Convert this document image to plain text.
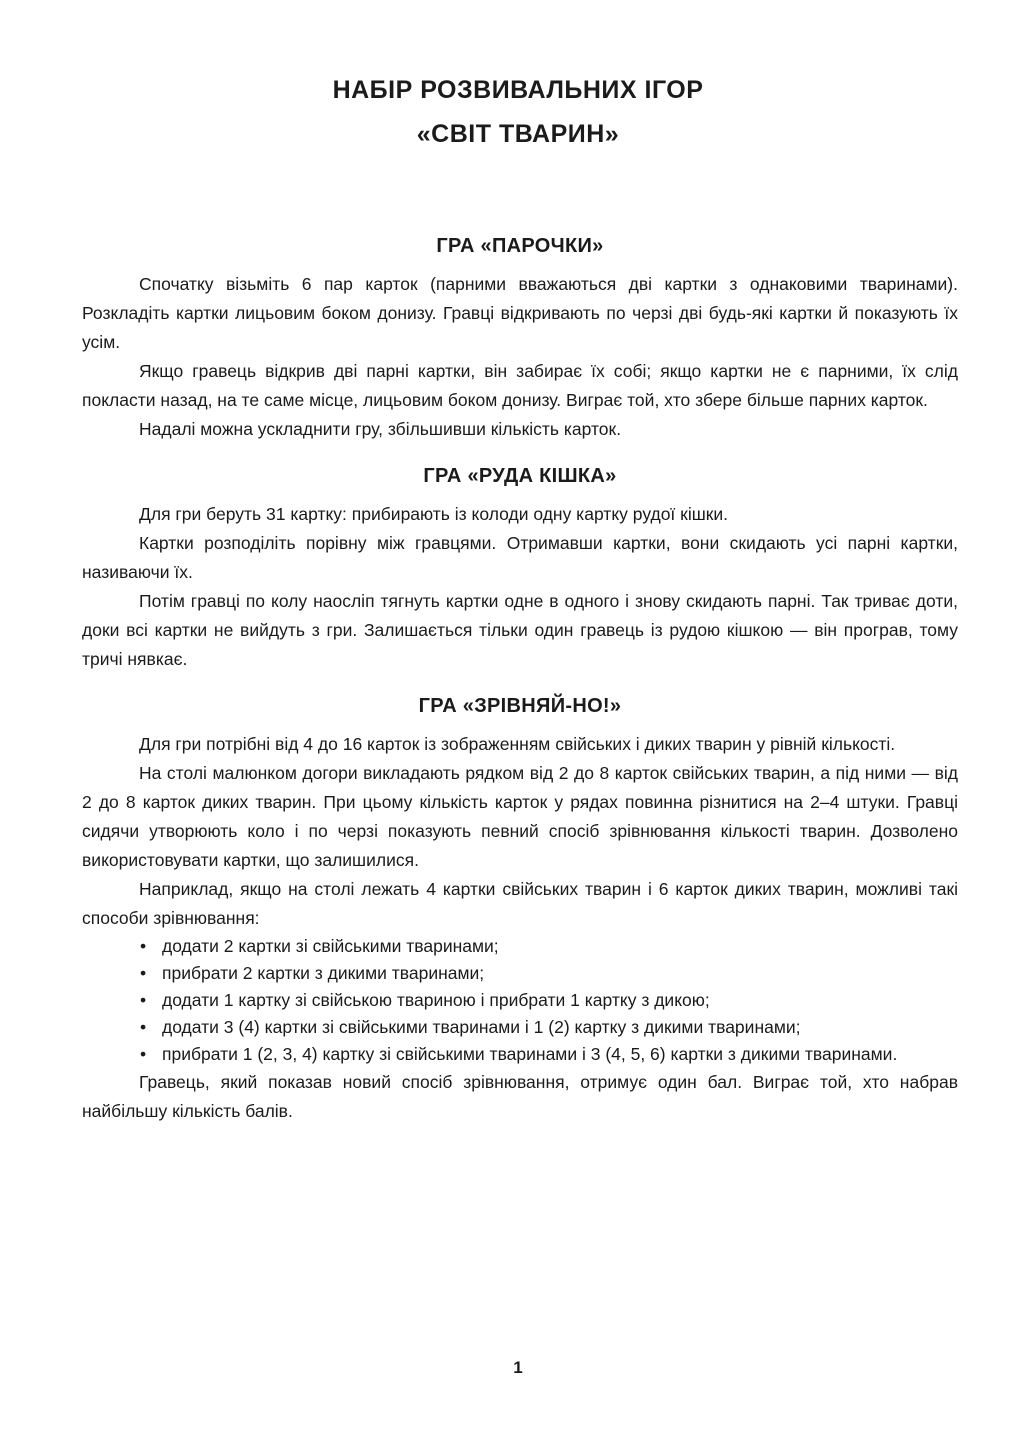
НАБІР РОЗВИВАЛЬНИХ ІГОР
«СВІТ ТВАРИН»
ГРА «ПАРОЧКИ»

Спочатку візьміть 6 пар карток (парними вважаються дві картки з однаковими тваринами). Розкладіть картки лицьовим боком донизу. Гравці відкривають по черзі дві будь-які картки й показують їх усім.

Якщо гравець відкрив дві парні картки, він забирає їх собі; якщо картки не є парними, їх слід покласти назад, на те саме місце, лицьовим боком донизу. Виграє той, хто збере більше парних карток.

Надалі можна ускладнити гру, збільшивши кількість карток.

ГРА «РУДА КІШКА»

Для гри беруть 31 картку: прибирають із колоди одну картку рудої кішки.

Картки розподіліть порівну між гравцями. Отримавши картки, вони скидають усі парні картки, називаючи їх.

Потім гравці по колу наосліп тягнуть картки одне в одного і знову скидають парні. Так триває доти, доки всі картки не вийдуть з гри. Залишається тільки один гравець із рудою кішкою — він програв, тому тричі нявкає.

ГРА «ЗРІВНЯЙ-НО!»

Для гри потрібні від 4 до 16 карток із зображенням свійських і диких тварин у рівній кількості.

На столі малюнком догори викладають рядком від 2 до 8 карток свійських тварин, а під ними — від 2 до 8 карток диких тварин. При цьому кількість карток у рядах повинна різнитися на 2–4 штуки. Гравці сидячи утворюють коло і по черзі показують певний спосіб зрівнювання кількості тварин. Дозволено використовувати картки, що залишилися.

Наприклад, якщо на столі лежать 4 картки свійських тварин і 6 карток диких тварин, можливі такі способи зрівнювання:

• додати 2 картки зі свійськими тваринами;
• прибрати 2 картки з дикими тваринами;
• додати 1 картку зі свійською твариною і прибрати 1 картку з дикою;
• додати 3 (4) картки зі свійськими тваринами і 1 (2) картку з дикими тваринами;
• прибрати 1 (2, 3, 4) картку зі свійськими тваринами і 3 (4, 5, 6) картки з дикими тваринами.

Гравець, який показав новий спосіб зрівнювання, отримує один бал. Виграє той, хто набрав найбільшу кількість балів.

1
